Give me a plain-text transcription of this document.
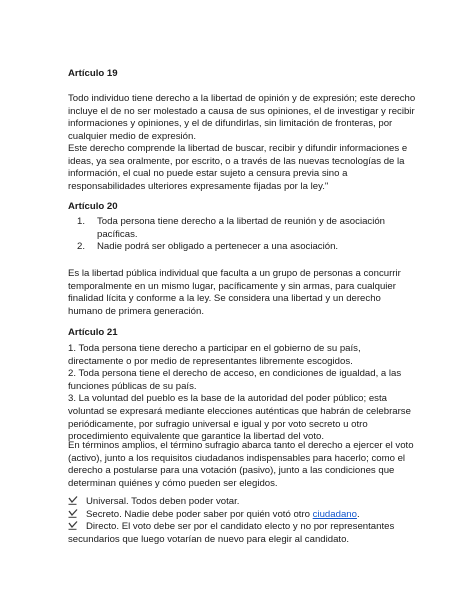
Artículo 19

Todo individuo tiene derecho a la libertad de opinión y de expresión; este derecho incluye el de no ser molestado a causa de sus opiniones, el de investigar y recibir informaciones y opiniones, y el de difundirlas, sin limitación de fronteras, por cualquier medio de expresión.

Este derecho comprende la libertad de buscar, recibir y difundir informaciones e ideas, ya sea oralmente, por escrito, o a través de las nuevas tecnologías de la información, el cual no puede estar sujeto a censura previa sino a responsabilidades ulteriores expresamente fijadas por la ley."

Artículo 20
1.	Toda persona tiene derecho a la libertad de reunión y de asociación pacíficas.
2.	Nadie podrá ser obligado a pertenecer a una asociación.

Es la libertad pública individual que faculta a un grupo de personas a concurrir temporalmente en un mismo lugar, pacíficamente y sin armas, para cualquier finalidad lícita y conforme a la ley. Se considera una libertad y un derecho humano de primera generación.

Artículo 21
1. Toda persona tiene derecho a participar en el gobierno de su país, directamente o por medio de representantes libremente escogidos.
2. Toda persona tiene el derecho de acceso, en condiciones de igualdad, a las funciones públicas de su país.
3. La voluntad del pueblo es la base de la autoridad del poder público; esta voluntad se expresará mediante elecciones auténticas que habrán de celebrarse periódicamente, por sufragio universal e igual y por voto secreto u otro procedimiento equivalente que garantice la libertad del voto.

En términos amplios, el término sufragio abarca tanto el derecho a ejercer el voto (activo), junto a los requisitos ciudadanos indispensables para hacerlo; como el derecho a postularse para una votación (pasivo), junto a las condiciones que determinan quiénes y cómo pueden ser elegidos.

Universal. Todos deben poder votar.
Secreto. Nadie debe poder saber por quién votó otro ciudadano.
Directo. El voto debe ser por el candidato electo y no por representantes secundarios que luego votarían de nuevo para elegir al candidato.
